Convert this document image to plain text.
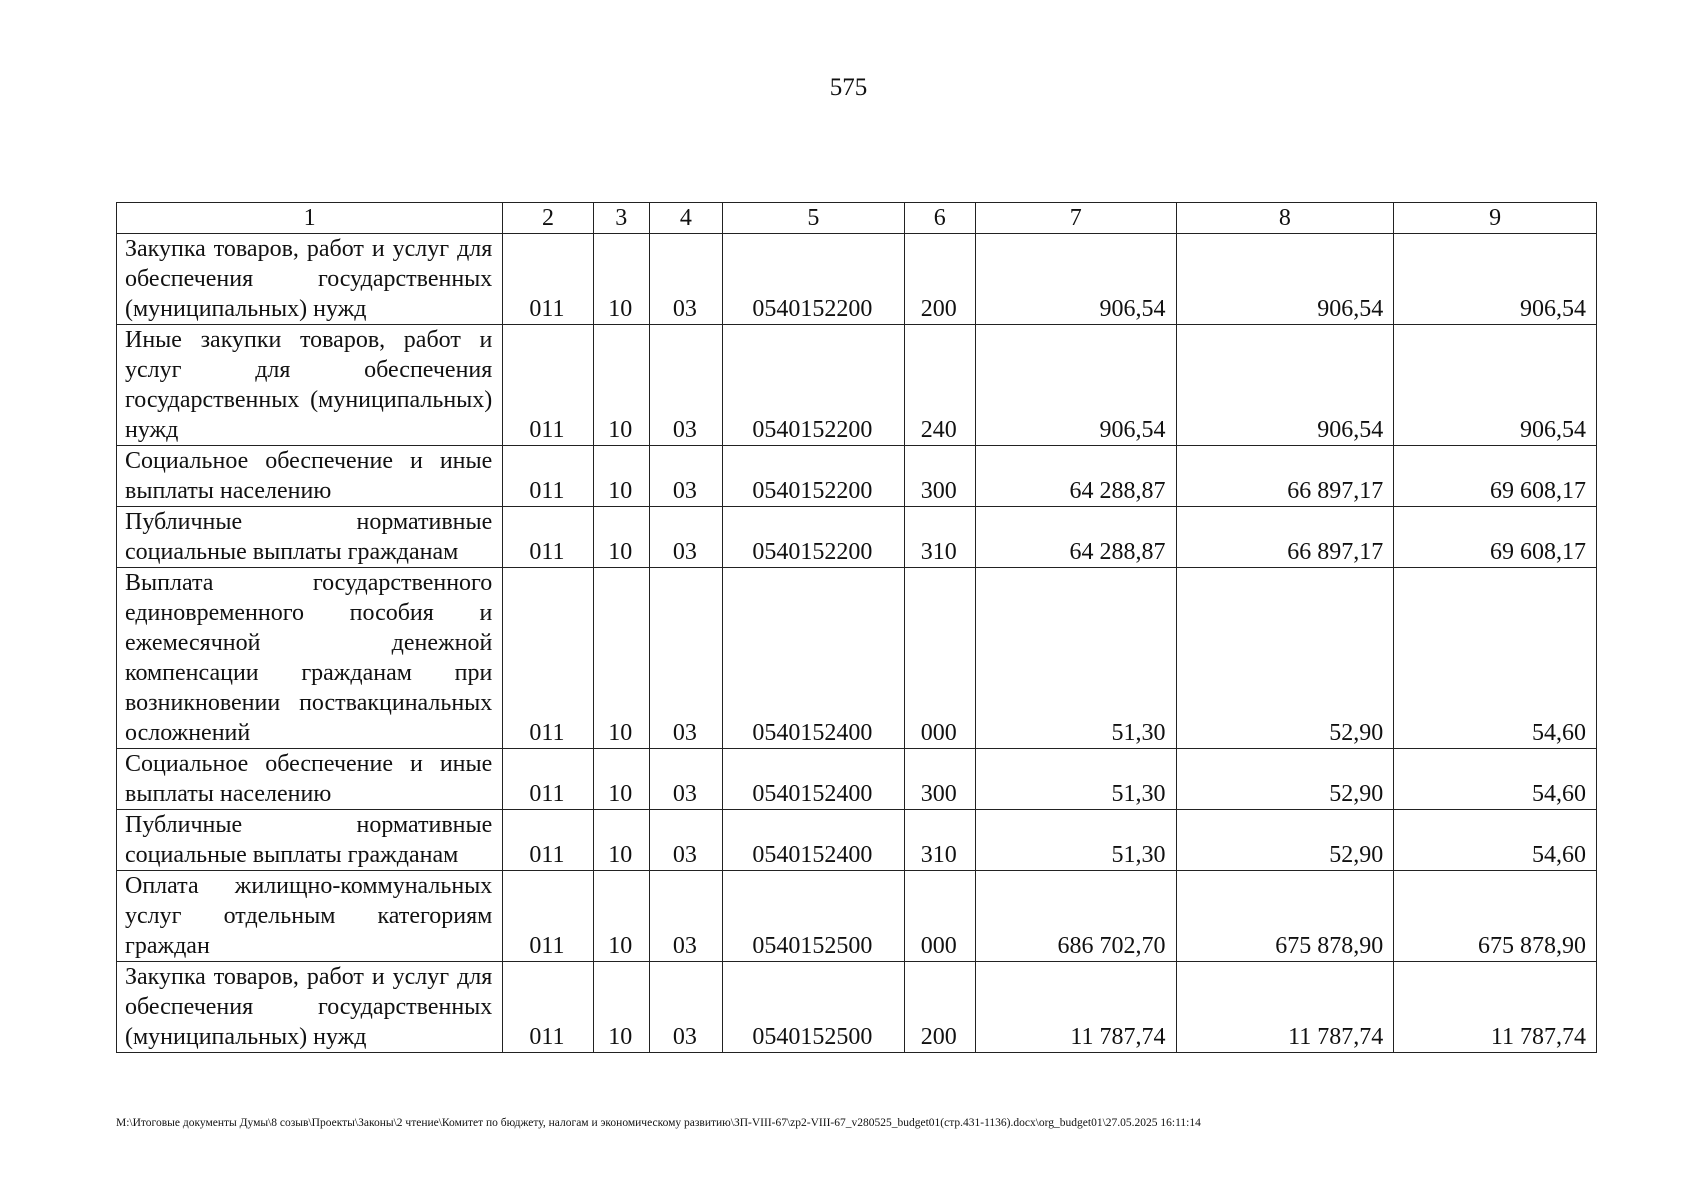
575
1	2	3	4	5	6	7	8	9
Закупка товаров, работ и услуг для обеспечения государственных (муниципальных) нужд	011	10	03	0540152200	200	906,54	906,54	906,54
Иные закупки товаров, работ и услуг для обеспечения государственных (муниципальных) нужд	011	10	03	0540152200	240	906,54	906,54	906,54
Социальное обеспечение и иные выплаты населению	011	10	03	0540152200	300	64 288,87	66 897,17	69 608,17
Публичные нормативные социальные выплаты гражданам	011	10	03	0540152200	310	64 288,87	66 897,17	69 608,17
Выплата государственного единовременного пособия и ежемесячной денежной компенсации гражданам при возникновении поствакцинальных осложнений	011	10	03	0540152400	000	51,30	52,90	54,60
Социальное обеспечение и иные выплаты населению	011	10	03	0540152400	300	51,30	52,90	54,60
Публичные нормативные социальные выплаты гражданам	011	10	03	0540152400	310	51,30	52,90	54,60
Оплата жилищно-коммунальных услуг отдельным категориям граждан	011	10	03	0540152500	000	686 702,70	675 878,90	675 878,90
Закупка товаров, работ и услуг для обеспечения государственных (муниципальных) нужд	011	10	03	0540152500	200	11 787,74	11 787,74	11 787,74
M:\Итоговые документы Думы\8 созыв\Проекты\Законы\2 чтение\Комитет по бюджету, налогам и экономическому развитию\ЗП-VIII-67\zp2-VIII-67_v280525_budget01(стр.431-1136).docx\org_budget01\27.05.2025 16:11:14
